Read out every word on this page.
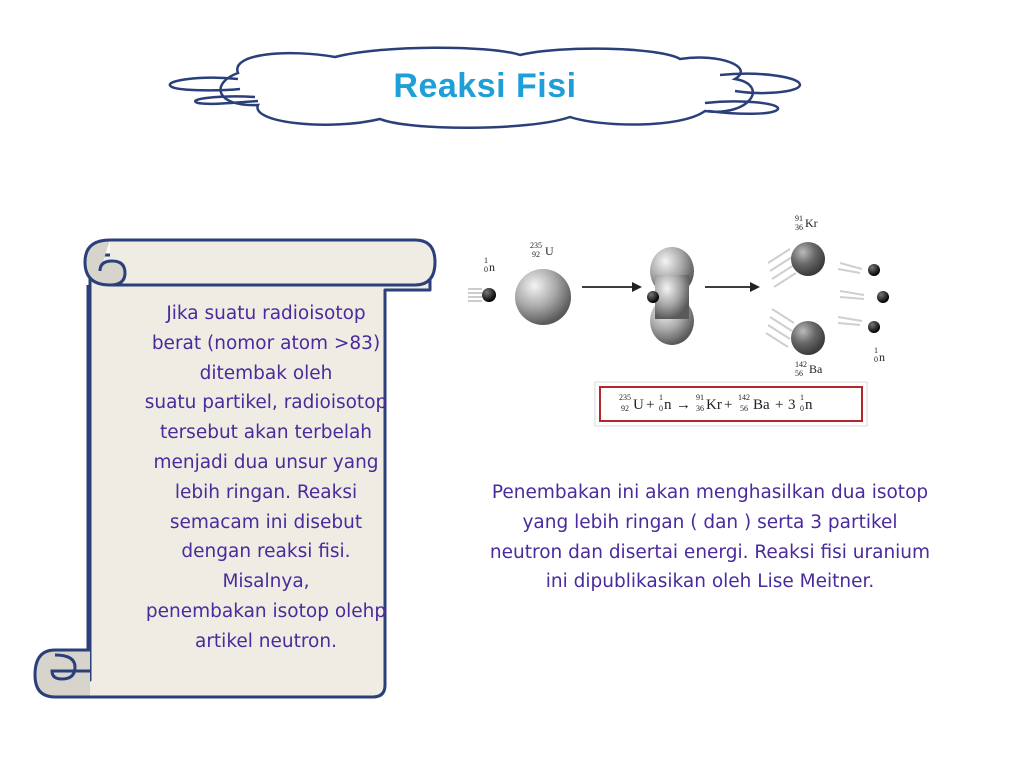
Reaksi Fisi
Jika suatu radioisotop
berat (nomor atom >83)
ditembak oleh
suatu partikel, radioisotop
tersebut akan terbelah
menjadi dua unsur yang
lebih ringan. Reaksi
semacam ini disebut
dengan reaksi fisi.
Misalnya,
penembakan isotop olehp
artikel neutron.
1
0 n
235
92 U
91
36 Kr
142
56 Ba
1
0 n
235
92 U + 1
0 n → 91
36 Kr + 142
56 Ba + 3 1
0 n
Penembakan ini akan menghasilkan dua isotop
yang lebih ringan ( dan ) serta 3 partikel
neutron dan disertai energi. Reaksi fisi uranium
ini dipublikasikan oleh Lise Meitner.
